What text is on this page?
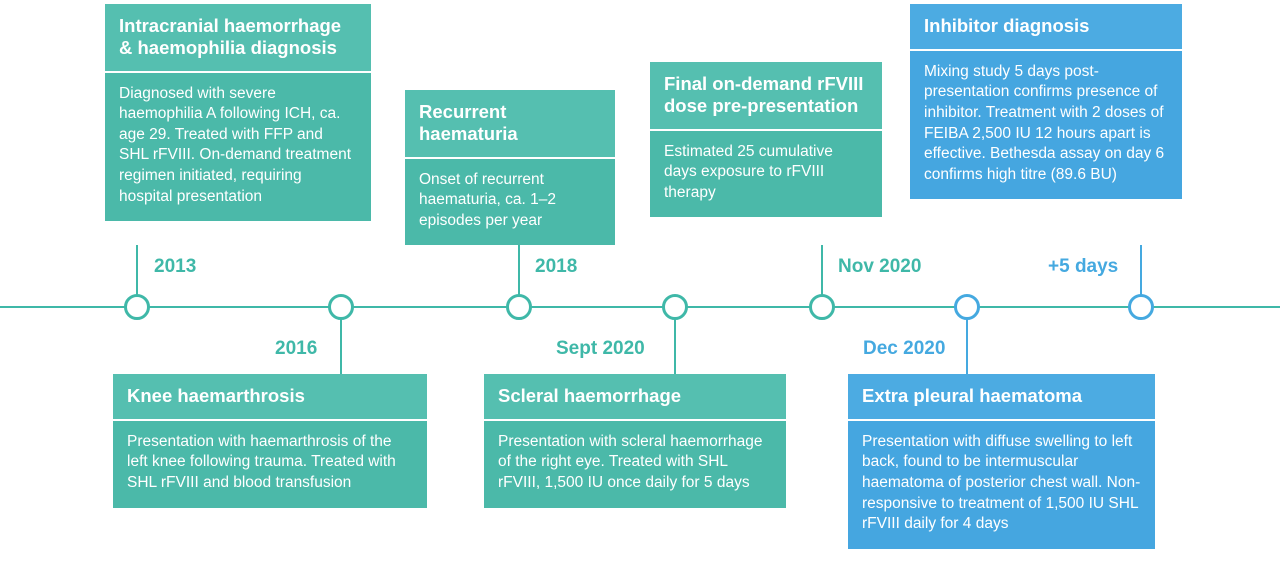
2013
2016
2018
Sept 2020
Nov 2020
Dec 2020
+5 days
Intracranial haemorrhage & haemophilia diagnosis
Diagnosed with severe haemophilia A following ICH, ca. age 29. Treated with FFP and SHL rFVIII. On-demand treatment regimen initiated, requiring hospital presentation
Recurrent haematuria
Onset of recurrent haematuria, ca. 1–2 episodes per year
Final on-demand rFVIII dose pre-presentation
Estimated 25 cumulative days exposure to rFVIII therapy
Inhibitor diagnosis
Mixing study 5 days post-presentation confirms presence of inhibitor. Treatment with 2 doses of FEIBA 2,500 IU 12 hours apart is effective. Bethesda assay on day 6 confirms high titre (89.6 BU)
Knee haemarthrosis
Presentation with haemarthrosis of the left knee following trauma. Treated with SHL rFVIII and blood transfusion
Scleral haemorrhage
Presentation with scleral haemorrhage of the right eye. Treated with SHL rFVIII, 1,500 IU once daily for 5 days
Extra pleural haematoma
Presentation with diffuse swelling to left back, found to be intermuscular haematoma of posterior chest wall. Non-responsive to treatment of 1,500 IU SHL rFVIII daily for 4 days
